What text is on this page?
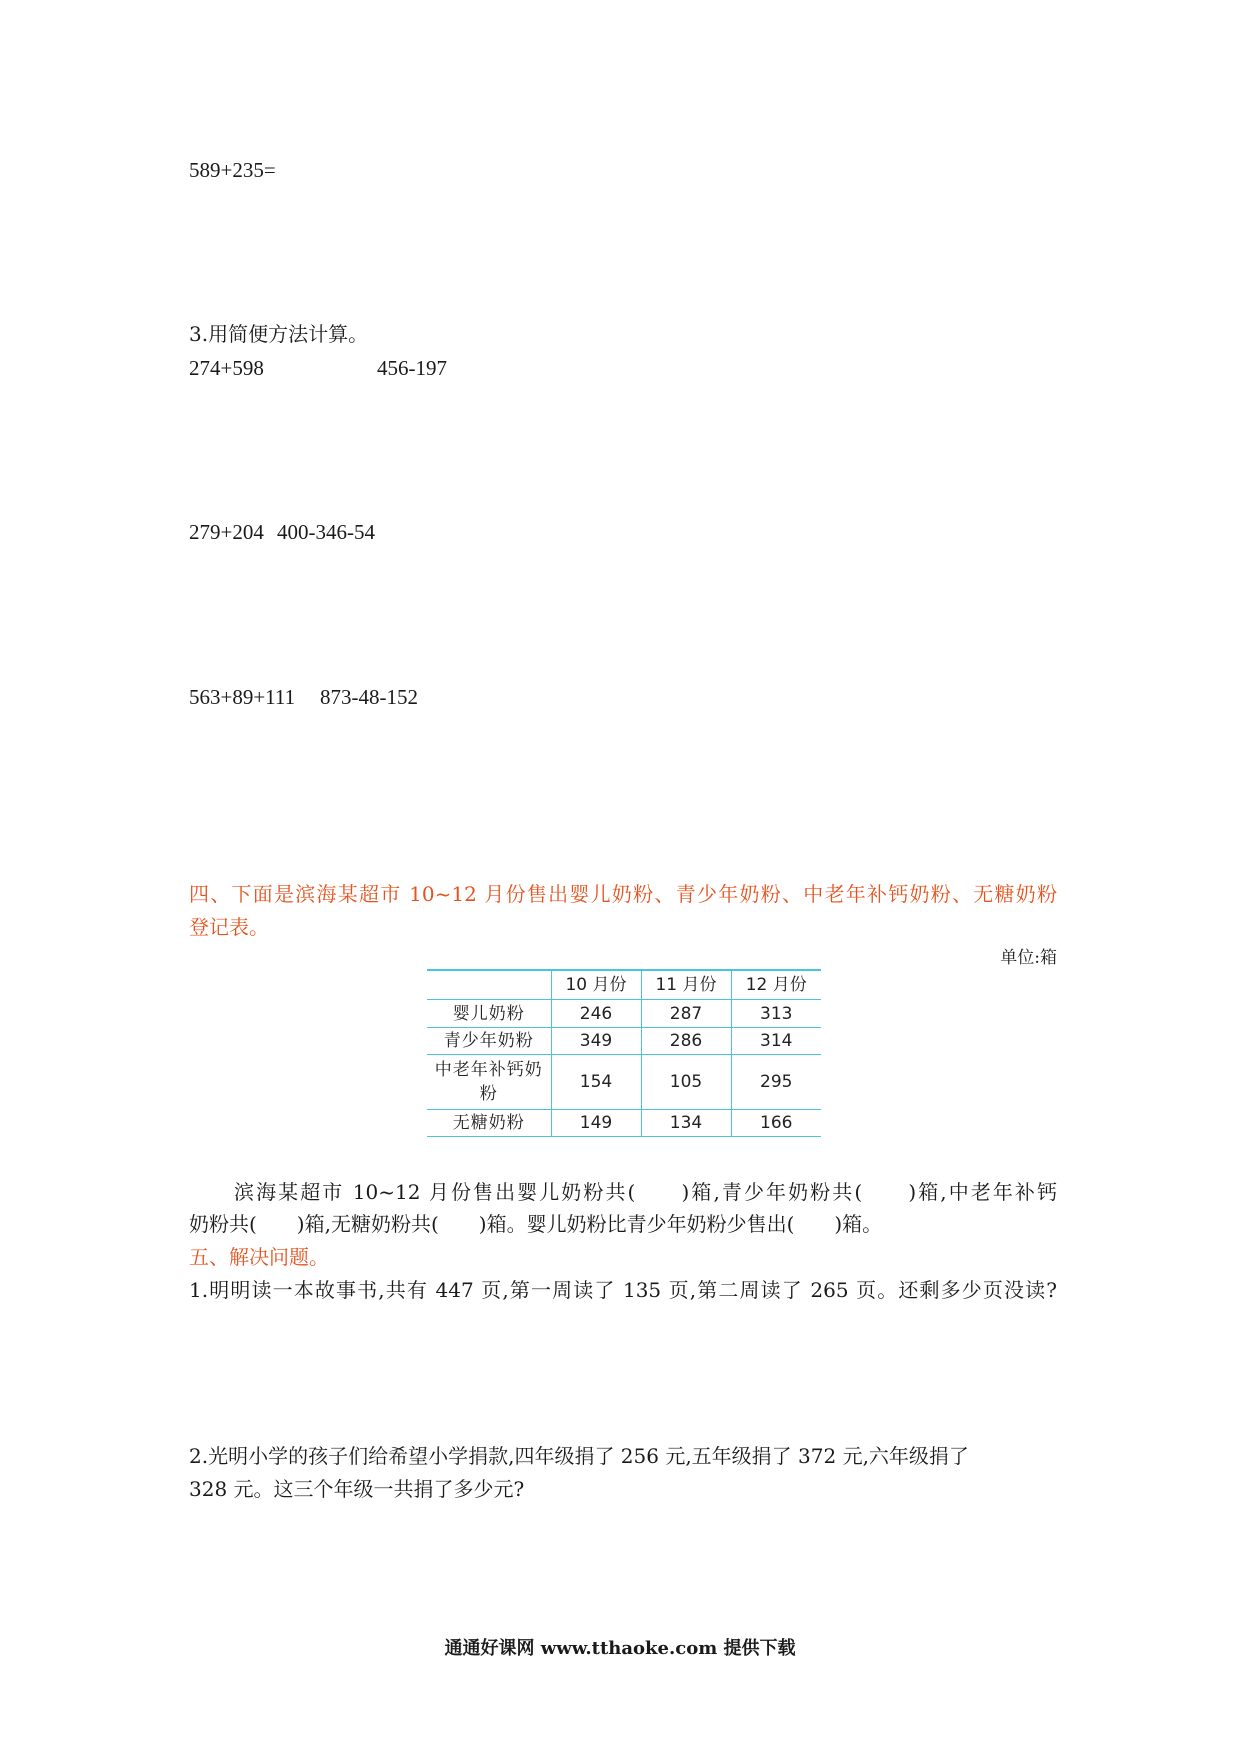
589+235=
3.用简便方法计算。
274+598	456-197
279+204 400-346-54
563+89+111 873-48-152
四、下面是滨海某超市 10~12 月份售出婴儿奶粉、青少年奶粉、中老年补钙奶粉、无糖奶粉
登记表。
单位:箱
	10 月份	11 月份	12 月份
婴儿奶粉	246	287	313
青少年奶粉	349	286	314
中老年补钙奶粉	154	105	295
无糖奶粉	149	134	166
滨海某超市 10~12 月份售出婴儿奶粉共(　　)箱,青少年奶粉共(　　)箱,中老年补钙
奶粉共(　　)箱,无糖奶粉共(　　)箱。婴儿奶粉比青少年奶粉少售出(　　)箱。
五、解决问题。
1.明明读一本故事书,共有 447 页,第一周读了 135 页,第二周读了 265 页。还剩多少页没读?
2.光明小学的孩子们给希望小学捐款,四年级捐了 256 元,五年级捐了 372 元,六年级捐了
328 元。这三个年级一共捐了多少元?
通通好课网 www.tthaoke.com 提供下载
